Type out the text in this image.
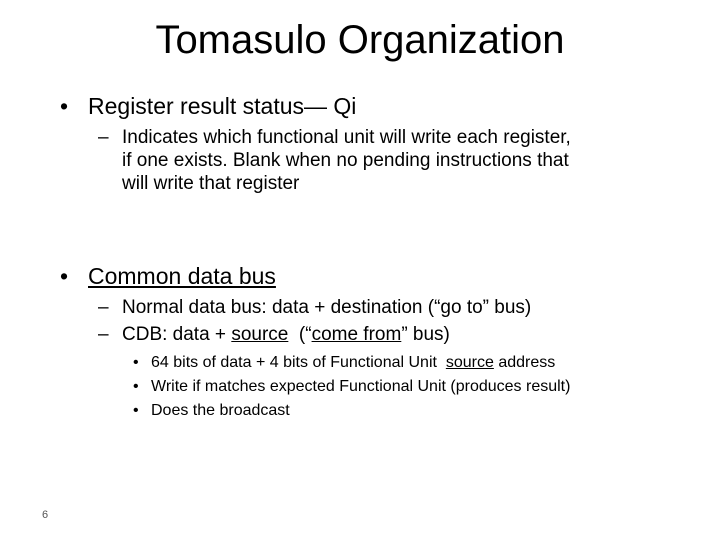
Tomasulo Organization
• Register result status— Qi
– Indicates which functional unit will write each register,
if one exists. Blank when no pending instructions that
will write that register
• Common data bus
– Normal data bus: data + destination (“go to” bus)
– CDB: data + source  (“come from” bus)
• 64 bits of data + 4 bits of Functional Unit  source address
• Write if matches expected Functional Unit (produces result)
• Does the broadcast
6
